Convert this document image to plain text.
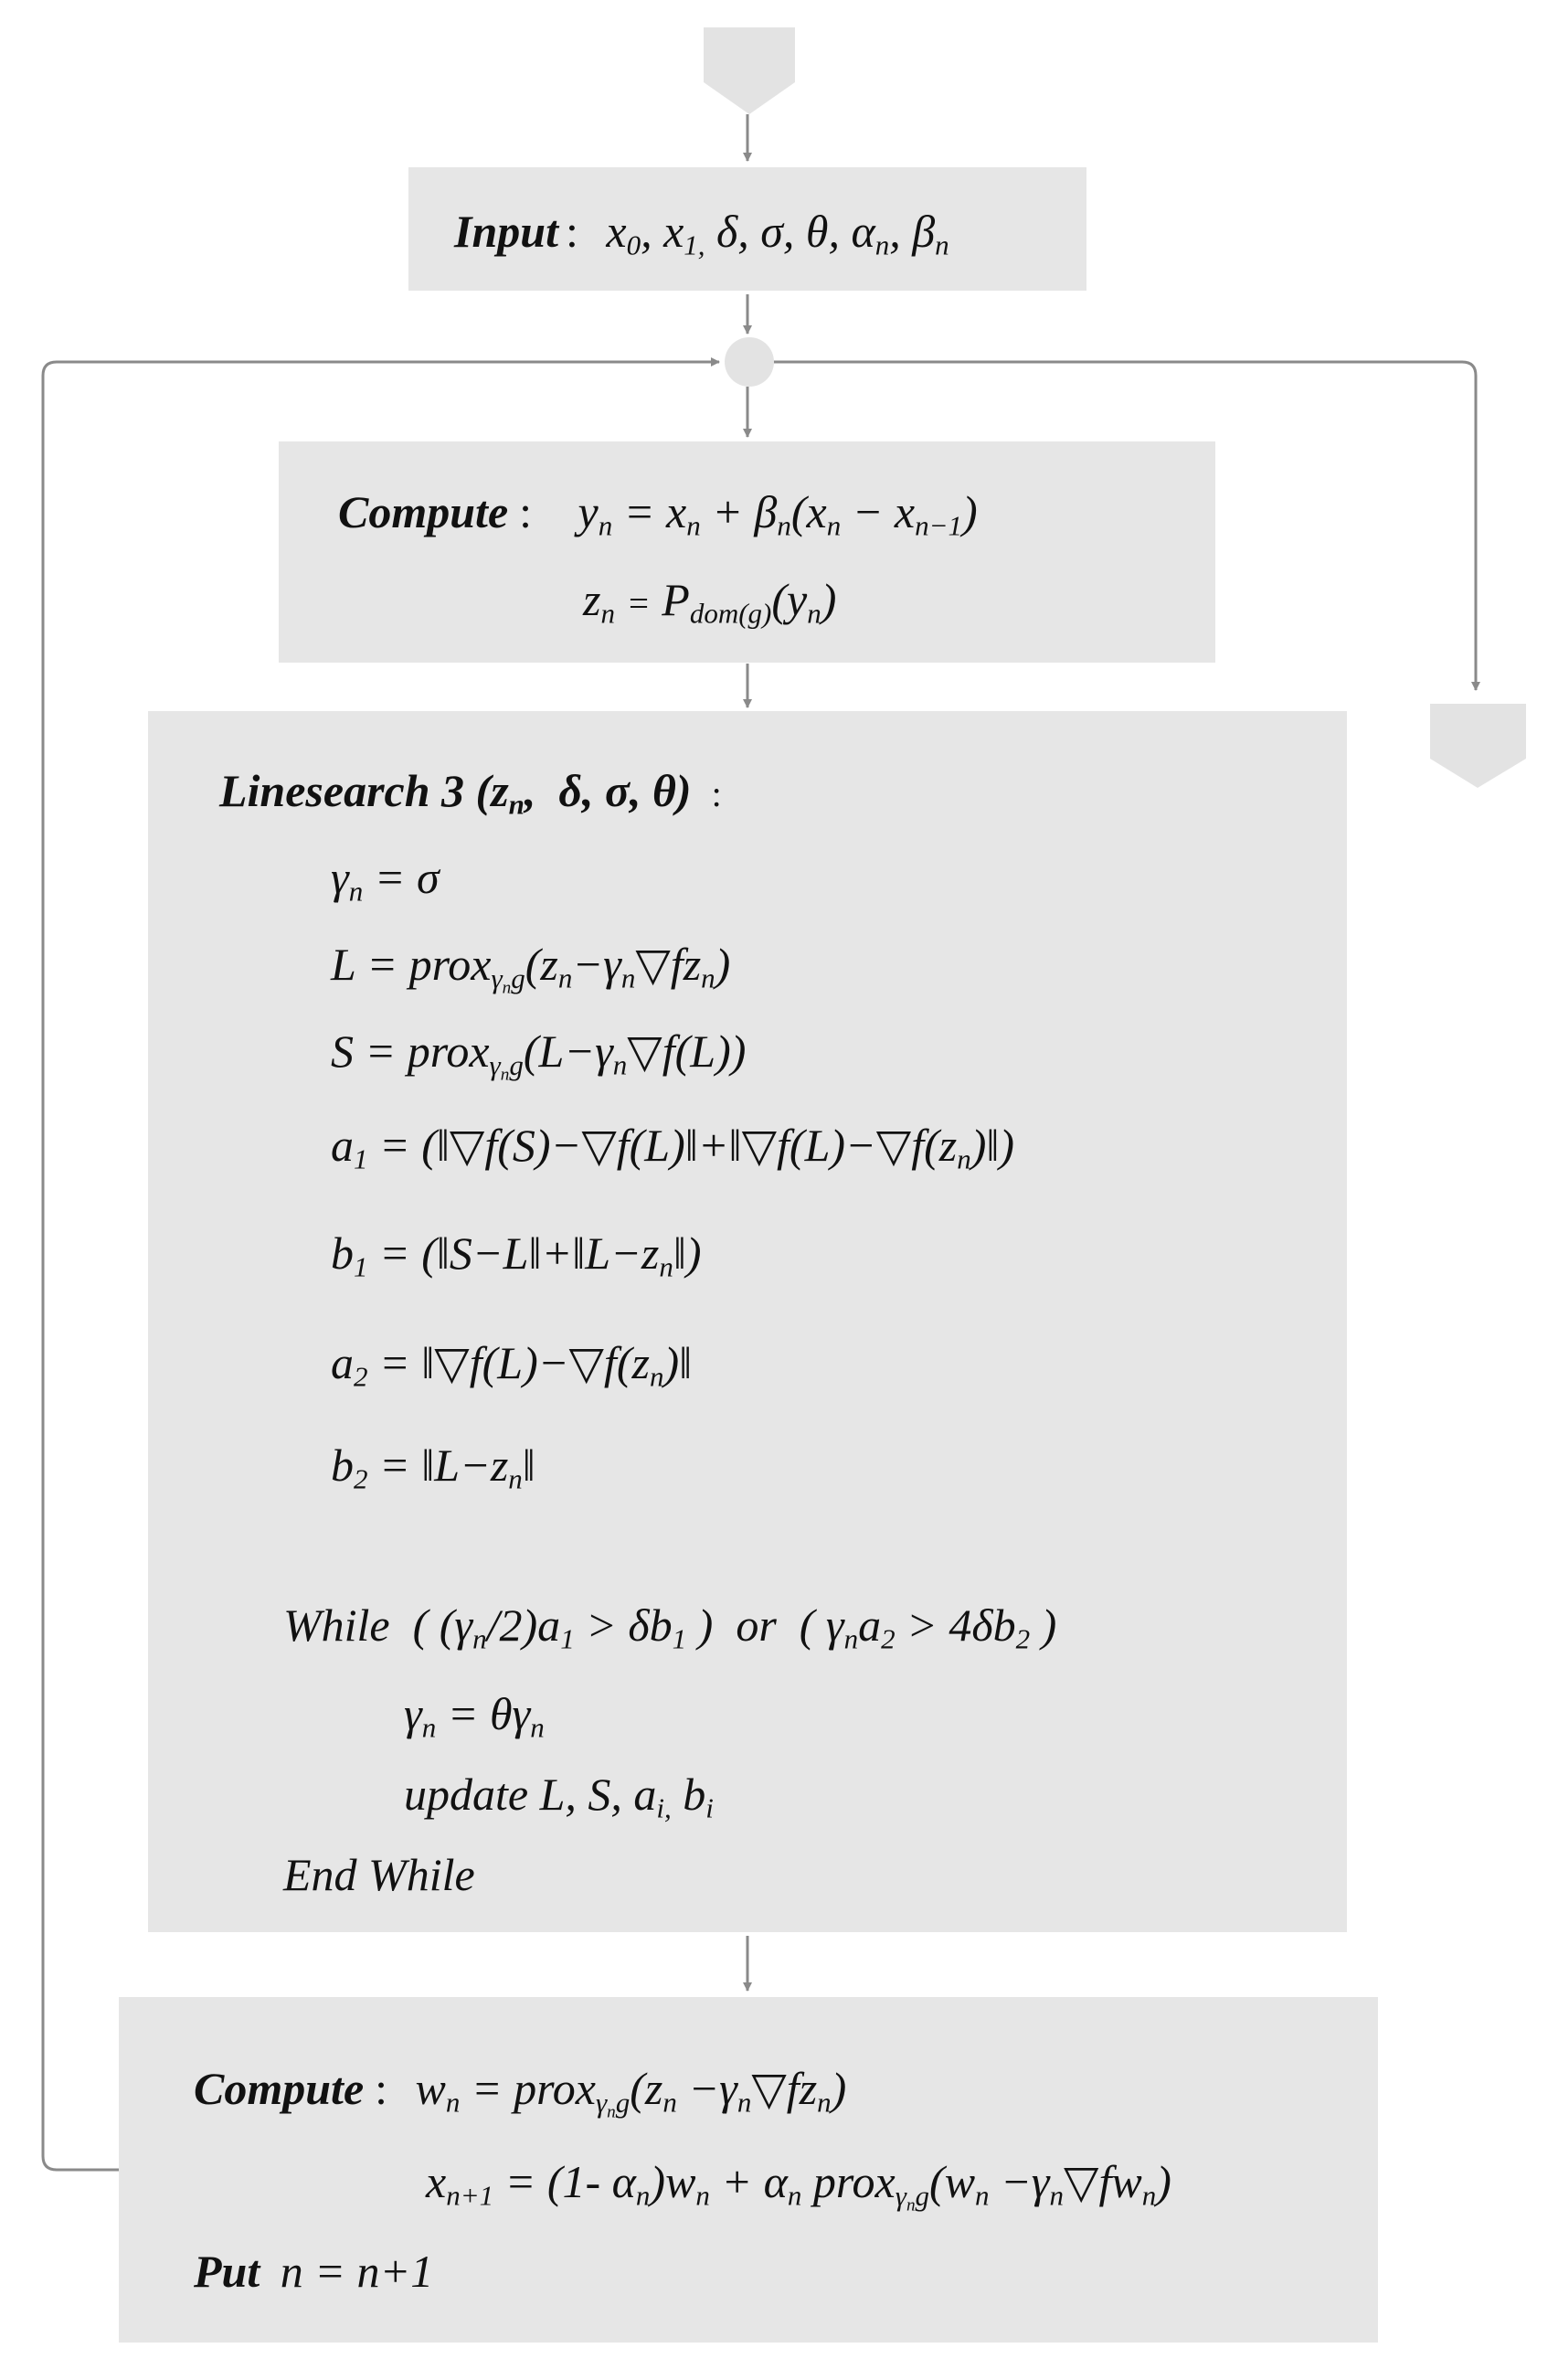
Input : $x_0$, $x_{1,}$ δ, σ, θ, $\alpha_n$, $\beta_n$
Compute : $y_n = x_n + \beta_n(x_n - x_{n-1})$
$z_n = P_{dom(g)}(y_n)$
Linesearch 3 ($z_n$,  δ, σ, θ) :
$\gamma_n = \sigma$
$L = prox_{\gamma_ng}(z_n-\gamma_n▽fz_n)$
$S = prox_{\gamma_ng}(L-\gamma_n▽f(L))$
$a_1$ = $(‖▽f(S)-▽f(L)‖+‖▽f(L)-▽f(z_n)‖)$
$b_1$ = $(‖S-L‖+‖L-z_n‖)$
$a_2$ = $‖▽f(L)-▽f(z_n)‖$
$b_2$ = $‖L-z_n‖$
While  ( $(\gamma_n/2)a_1 > \delta b_1$ )  or  ( $\gamma_na_2 > 4\delta b_2$ )
$\gamma_n = \theta\gamma_n$
update L, S, $a_{i,}$ $b_i$
End While
Compute : $w_n$ = $prox_{\gamma_ng}(z_n$ $-\gamma_n▽fz_n$)
$x_{n+1} = (1-$ $\alpha_n)w_n + \alpha_n$ $prox_{\gamma_ng}(w_n$ $-\gamma_n▽fw_n$)
Put n = n+1
